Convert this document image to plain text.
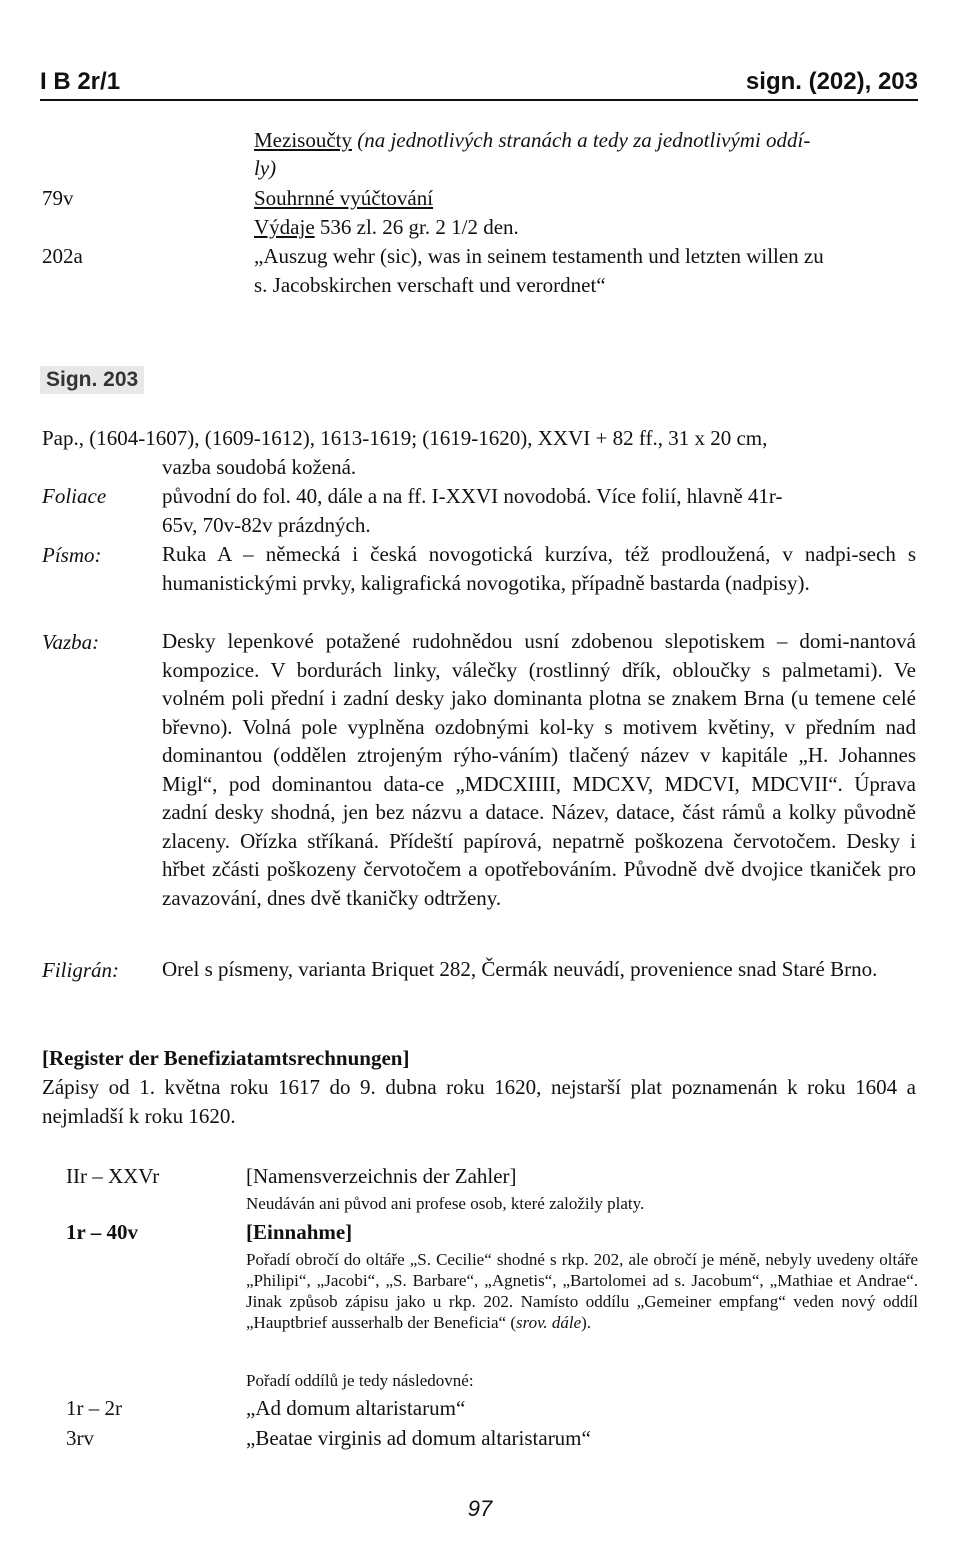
I B 2r/1	sign. (202), 203
Mezisoučty (na jednotlivých stranách a tedy za jednotlivými oddí-
ly)
79v	Souhrnné vyúčtování
Výdaje 536 zl. 26 gr. 2 1/2 den.
202a	„Auszug wehr (sic), was in seinem testamenth und letzten willen zu
s. Jacobskirchen verschaft und verordnet“
Sign. 203
Pap., (1604-1607), (1609-1612), 1613-1619; (1619-1620), XXVI + 82 ff., 31 x 20 cm,
vazba soudobá kožená.
Foliace	původní do fol. 40, dále a na ff. I-XXVI novodobá. Více folií, hlavně 41r-
65v, 70v-82v prázdných.
Písmo:	Ruka A – německá i česká novogotická kurzíva, též prodloužená, v nadpi-sech s humanistickými prvky, kaligrafická novogotika, případně bastarda (nadpisy).
Vazba:	Desky lepenkové potažené rudohnědou usní zdobenou slepotiskem – domi-nantová kompozice. V bordurách linky, válečky (rostlinný dřík, obloučky s palmetami). Ve volném poli přední i zadní desky jako dominanta plotna se znakem Brna (u temene celé břevno). Volná pole vyplněna ozdobnými kol-ky s motivem květiny, v předním nad dominantou (oddělen ztrojeným rýho-váním) tlačený název v kapitále „H. Johannes Migl“, pod dominantou data-ce „MDCXIIII, MDCXV, MDCVI, MDCVII“. Úprava zadní desky shodná, jen bez názvu a datace. Název, datace, část rámů a kolky původně zlaceny. Ořízka stříkaná. Přídeští papírová, nepatrně poškozena červotočem. Desky i hřbet zčásti poškozeny červotočem a opotřebováním. Původně dvě dvojice tkaniček pro zavazování, dnes dvě tkaničky odtrženy.
Filigrán: Orel s písmeny, varianta Briquet 282, Čermák neuvádí, provenience snad Staré Brno.
[Register der Benefiziatamtsrechnungen]
Zápisy od 1. května roku 1617 do 9. dubna roku 1620, nejstarší plat poznamenán k roku 1604 a nejmladší k roku 1620.
IIr – XXVr	[Namensverzeichnis der Zahler]
Neudáván ani původ ani profese osob, které založily platy.
1r – 40v	[Einnahme]
Pořadí obročí do oltáře „S. Cecilie“ shodné s rkp. 202, ale obročí je méně, nebyly uvedeny oltáře „Philipi“, „Jacobi“, „S. Barbare“, „Agnetis“, „Bartolomei ad s. Jacobum“, „Mathiae et Andrae“. Jinak způsob zápisu jako u rkp. 202. Namísto oddílu „Gemeiner empfang“ veden nový oddíl „Hauptbrief ausserhalb der Beneficia“ (srov. dále).
Pořadí oddílů je tedy následovné:
1r – 2r	„Ad domum altaristarum“
3rv	„Beatae virginis ad domum altaristarum“
97
